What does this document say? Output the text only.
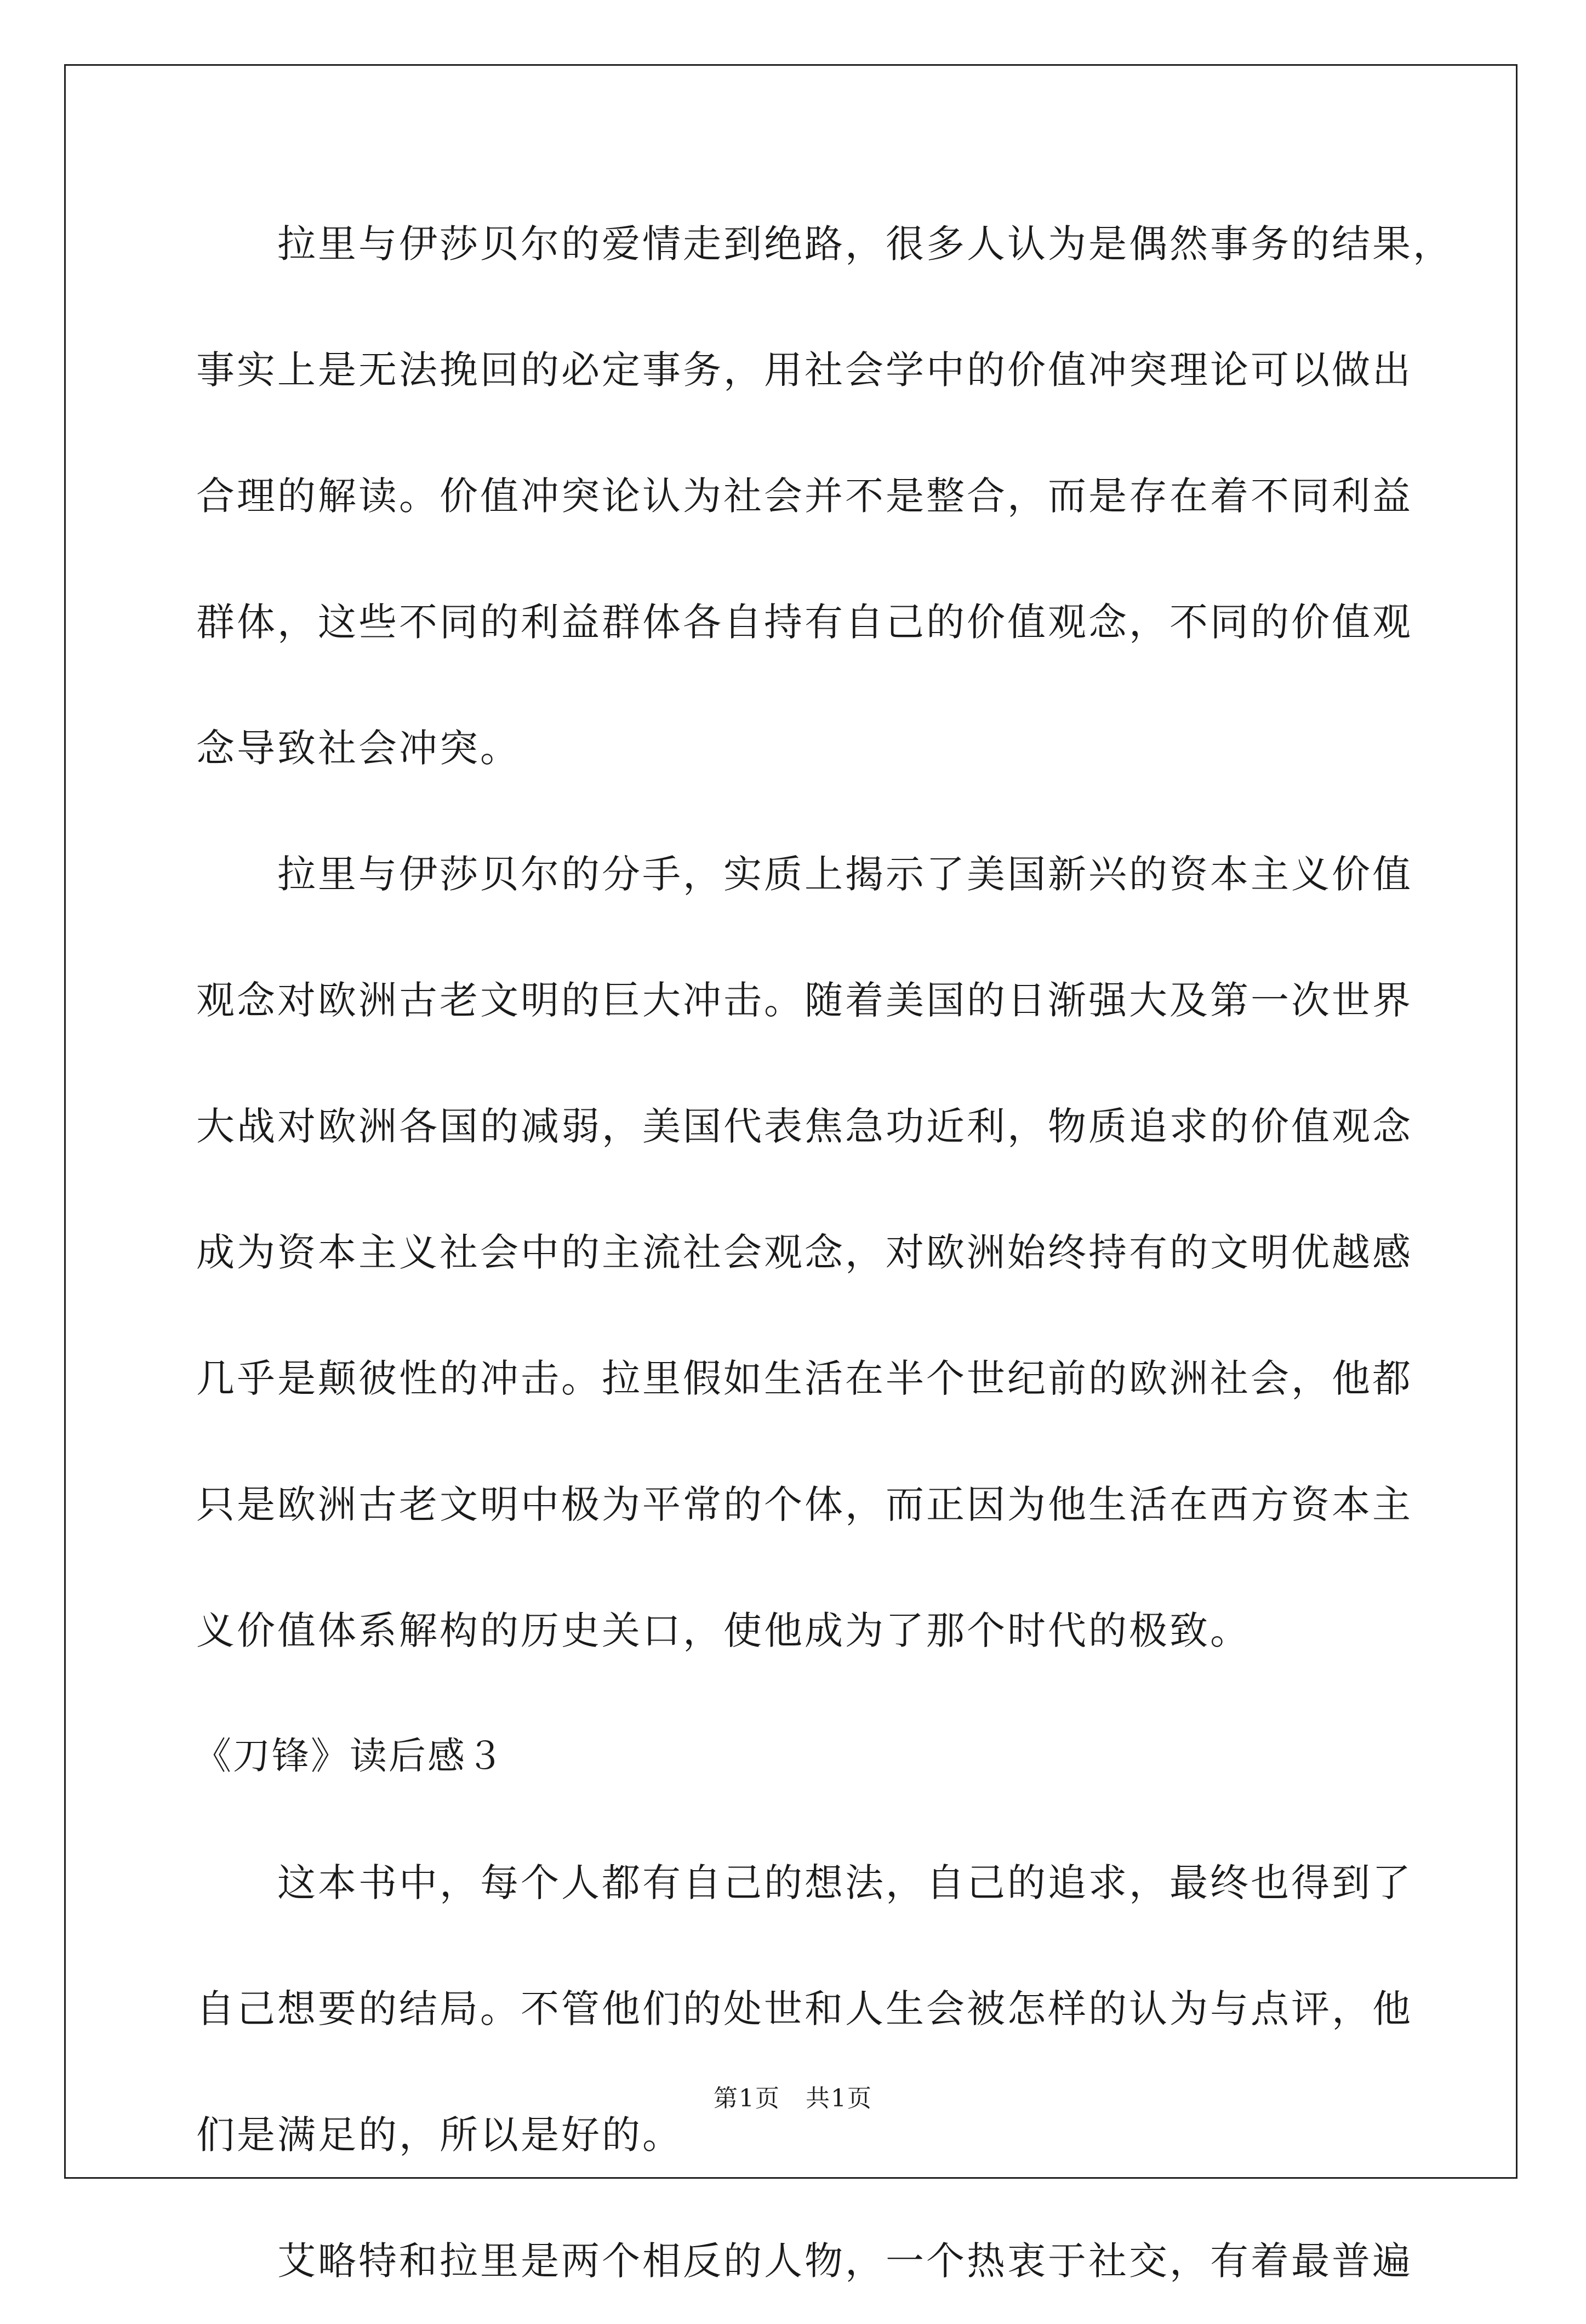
拉里与伊莎贝尔的爱情走到绝路，很多人认为是偶然事务的结果，

事实上是无法挽回的必定事务，用社会学中的价值冲突理论可以做出

合理的解读。价值冲突论认为社会并不是整合，而是存在着不同利益

群体，这些不同的利益群体各自持有自己的价值观念，不同的价值观

念导致社会冲突。

拉里与伊莎贝尔的分手，实质上揭示了美国新兴的资本主义价值

观念对欧洲古老文明的巨大冲击。随着美国的日渐强大及第一次世界

大战对欧洲各国的减弱，美国代表焦急功近利，物质追求的价值观念

成为资本主义社会中的主流社会观念，对欧洲始终持有的文明优越感

几乎是颠彼性的冲击。拉里假如生活在半个世纪前的欧洲社会，他都

只是欧洲古老文明中极为平常的个体，而正因为他生活在西方资本主

义价值体系解构的历史关口，使他成为了那个时代的极致。

《刀锋》读后感３

这本书中，每个人都有自己的想法，自己的追求，最终也得到了

自己想要的结局。不管他们的处世和人生会被怎样的认为与点评，他

们是满足的，所以是好的。

艾略特和拉里是两个相反的人物，一个热衷于社交，有着最普遍

第1页　共1页
